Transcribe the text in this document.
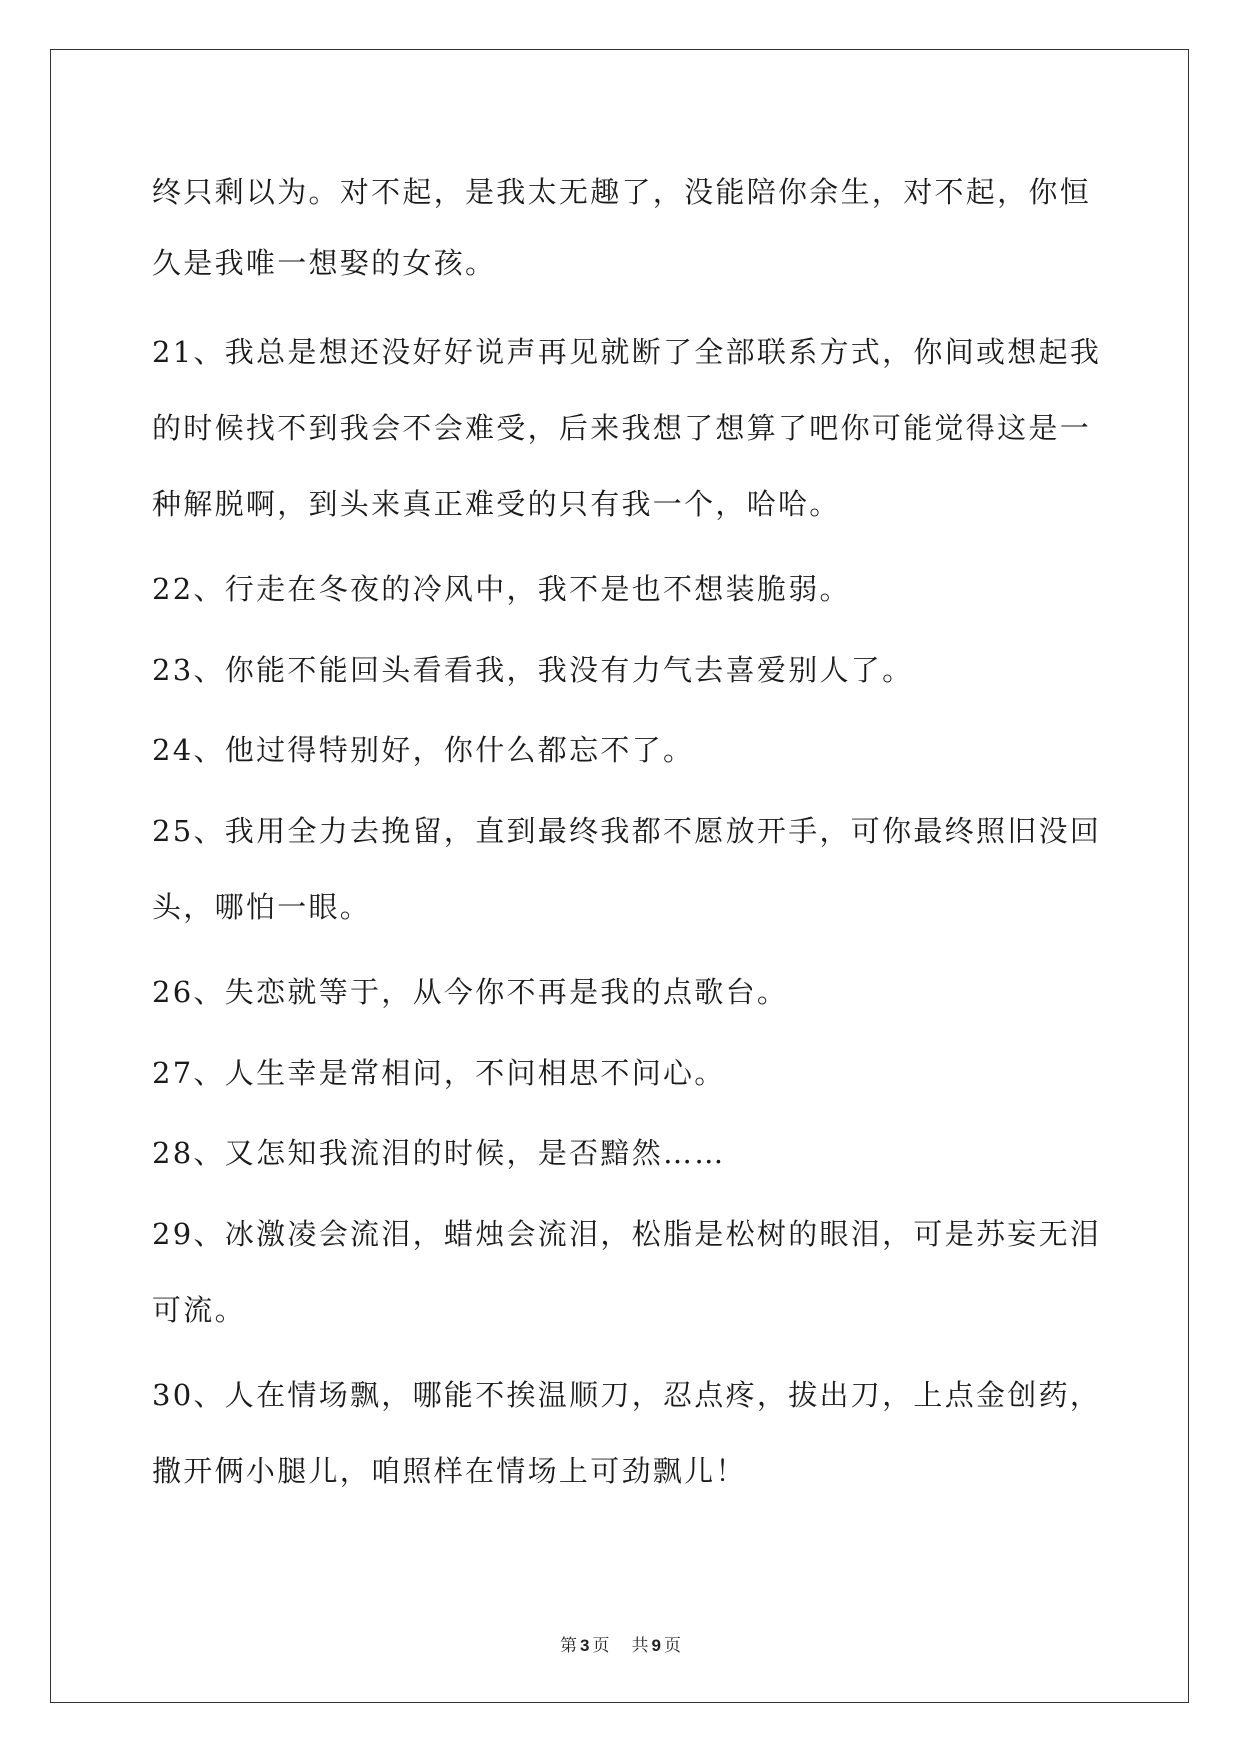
终只剩以为。对不起，是我太无趣了，没能陪你余生，对不起，你恒
久是我唯一想娶的女孩。
21、我总是想还没好好说声再见就断了全部联系方式，你间或想起我
的时候找不到我会不会难受，后来我想了想算了吧你可能觉得这是一
种解脱啊，到头来真正难受的只有我一个，哈哈。
22、行走在冬夜的冷风中，我不是也不想装脆弱。
23、你能不能回头看看我，我没有力气去喜爱别人了。
24、他过得特别好，你什么都忘不了。
25、我用全力去挽留，直到最终我都不愿放开手，可你最终照旧没回
头，哪怕一眼。
26、失恋就等于，从今你不再是我的点歌台。
27、人生幸是常相问，不问相思不问心。
28、又怎知我流泪的时候，是否黯然……
29、冰激凌会流泪，蜡烛会流泪，松脂是松树的眼泪，可是苏妄无泪
可流。
30、人在情场飘，哪能不挨温顺刀，忍点疼，拔出刀，上点金创药，
撒开俩小腿儿，咱照样在情场上可劲飘儿！
第 3 页 共 9 页
